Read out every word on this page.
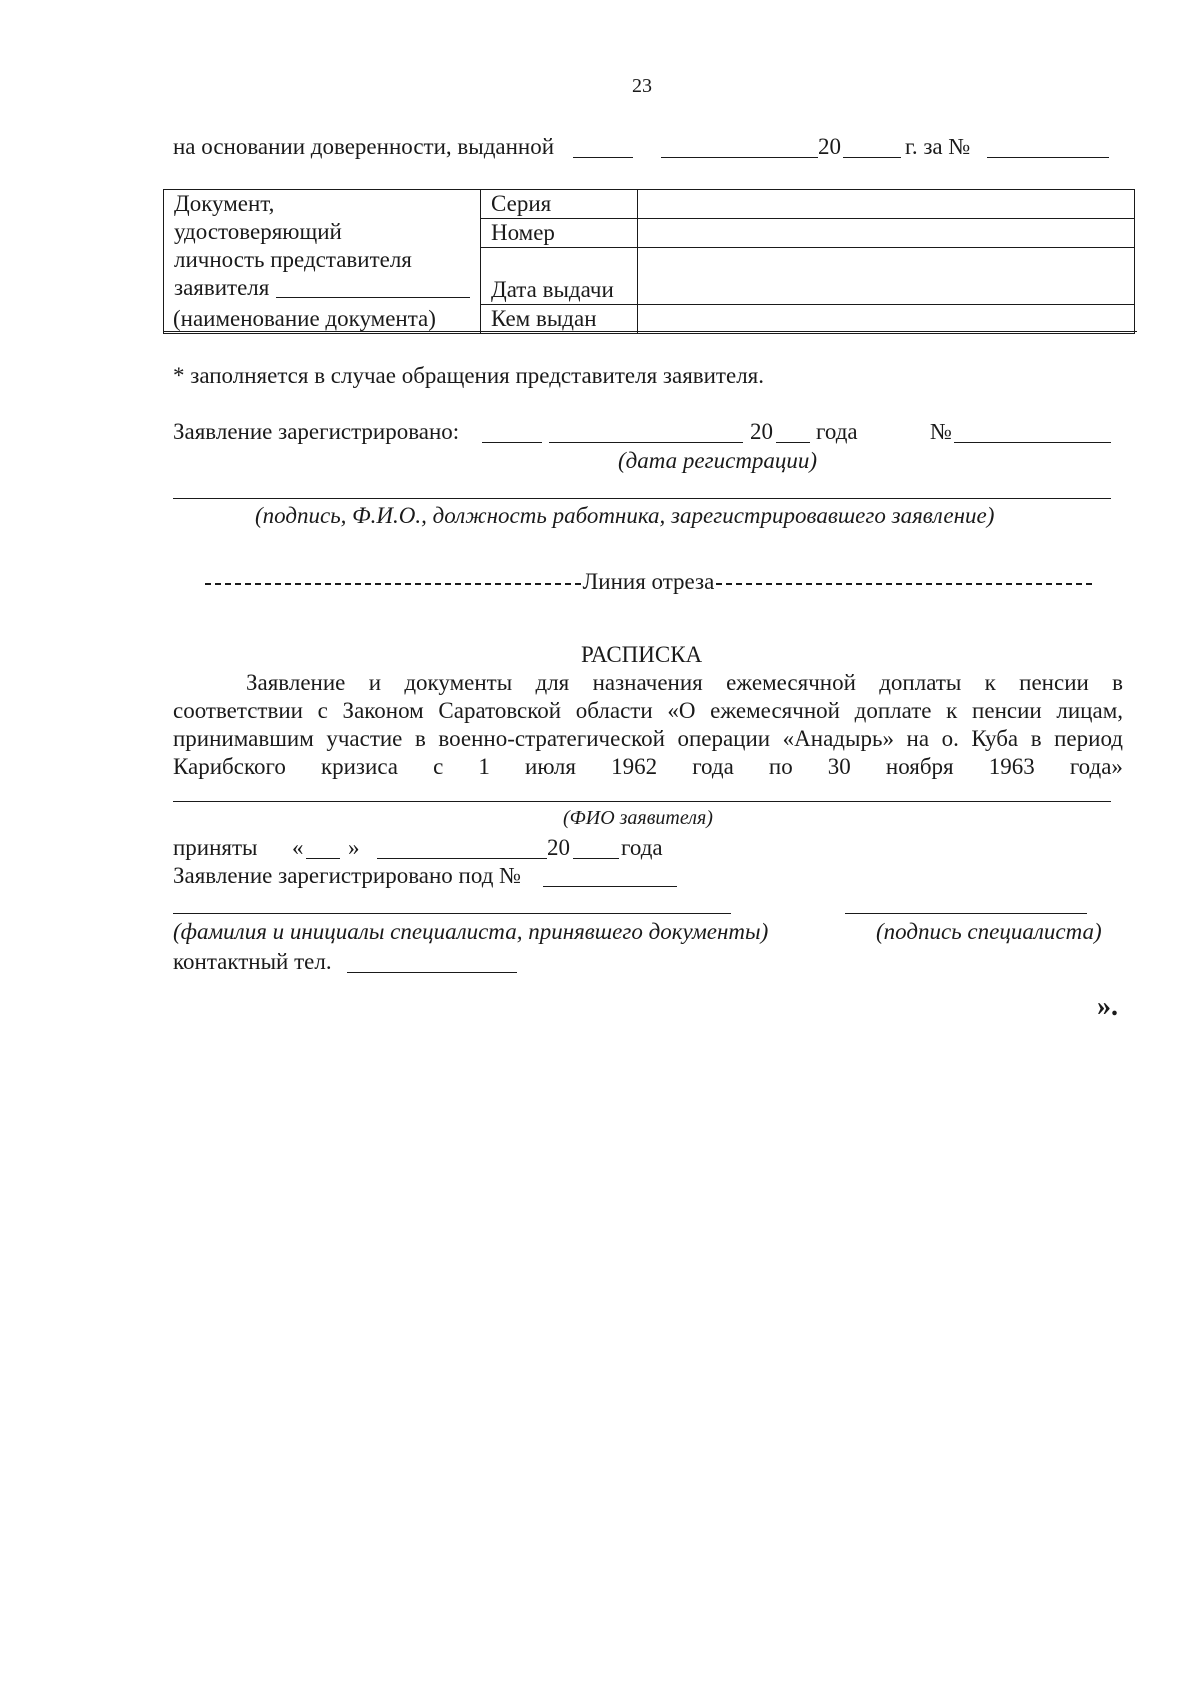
23
на основании доверенности, выданной	20	г. за №
Документ,
удостоверяющий
личность представителя
заявителя	Серия	
	Номер	
	Дата выдачи	
	Кем выдан	
(наименование документа)
* заполняется в случае обращения представителя заявителя.
Заявление зарегистрировано:	20 года	№
(дата регистрации)
(подпись, Ф.И.О., должность работника, зарегистрировавшего заявление)
Линия отреза
РАСПИСКА
Заявление и документы для назначения ежемесячной доплаты к пенсии в
соответствии с Законом Саратовской области «О ежемесячной доплате к пенсии лицам,
принимавшим участие в военно-стратегической операции «Анадырь» на о. Куба в период
Карибского кризиса с 1 июля 1962 года по 30 ноября 1963 года»
(ФИО заявителя)
приняты « »	20 года
Заявление зарегистрировано под №
(фамилия и инициалы специалиста, принявшего документы)	(подпись специалиста)
контактный тел.
».
